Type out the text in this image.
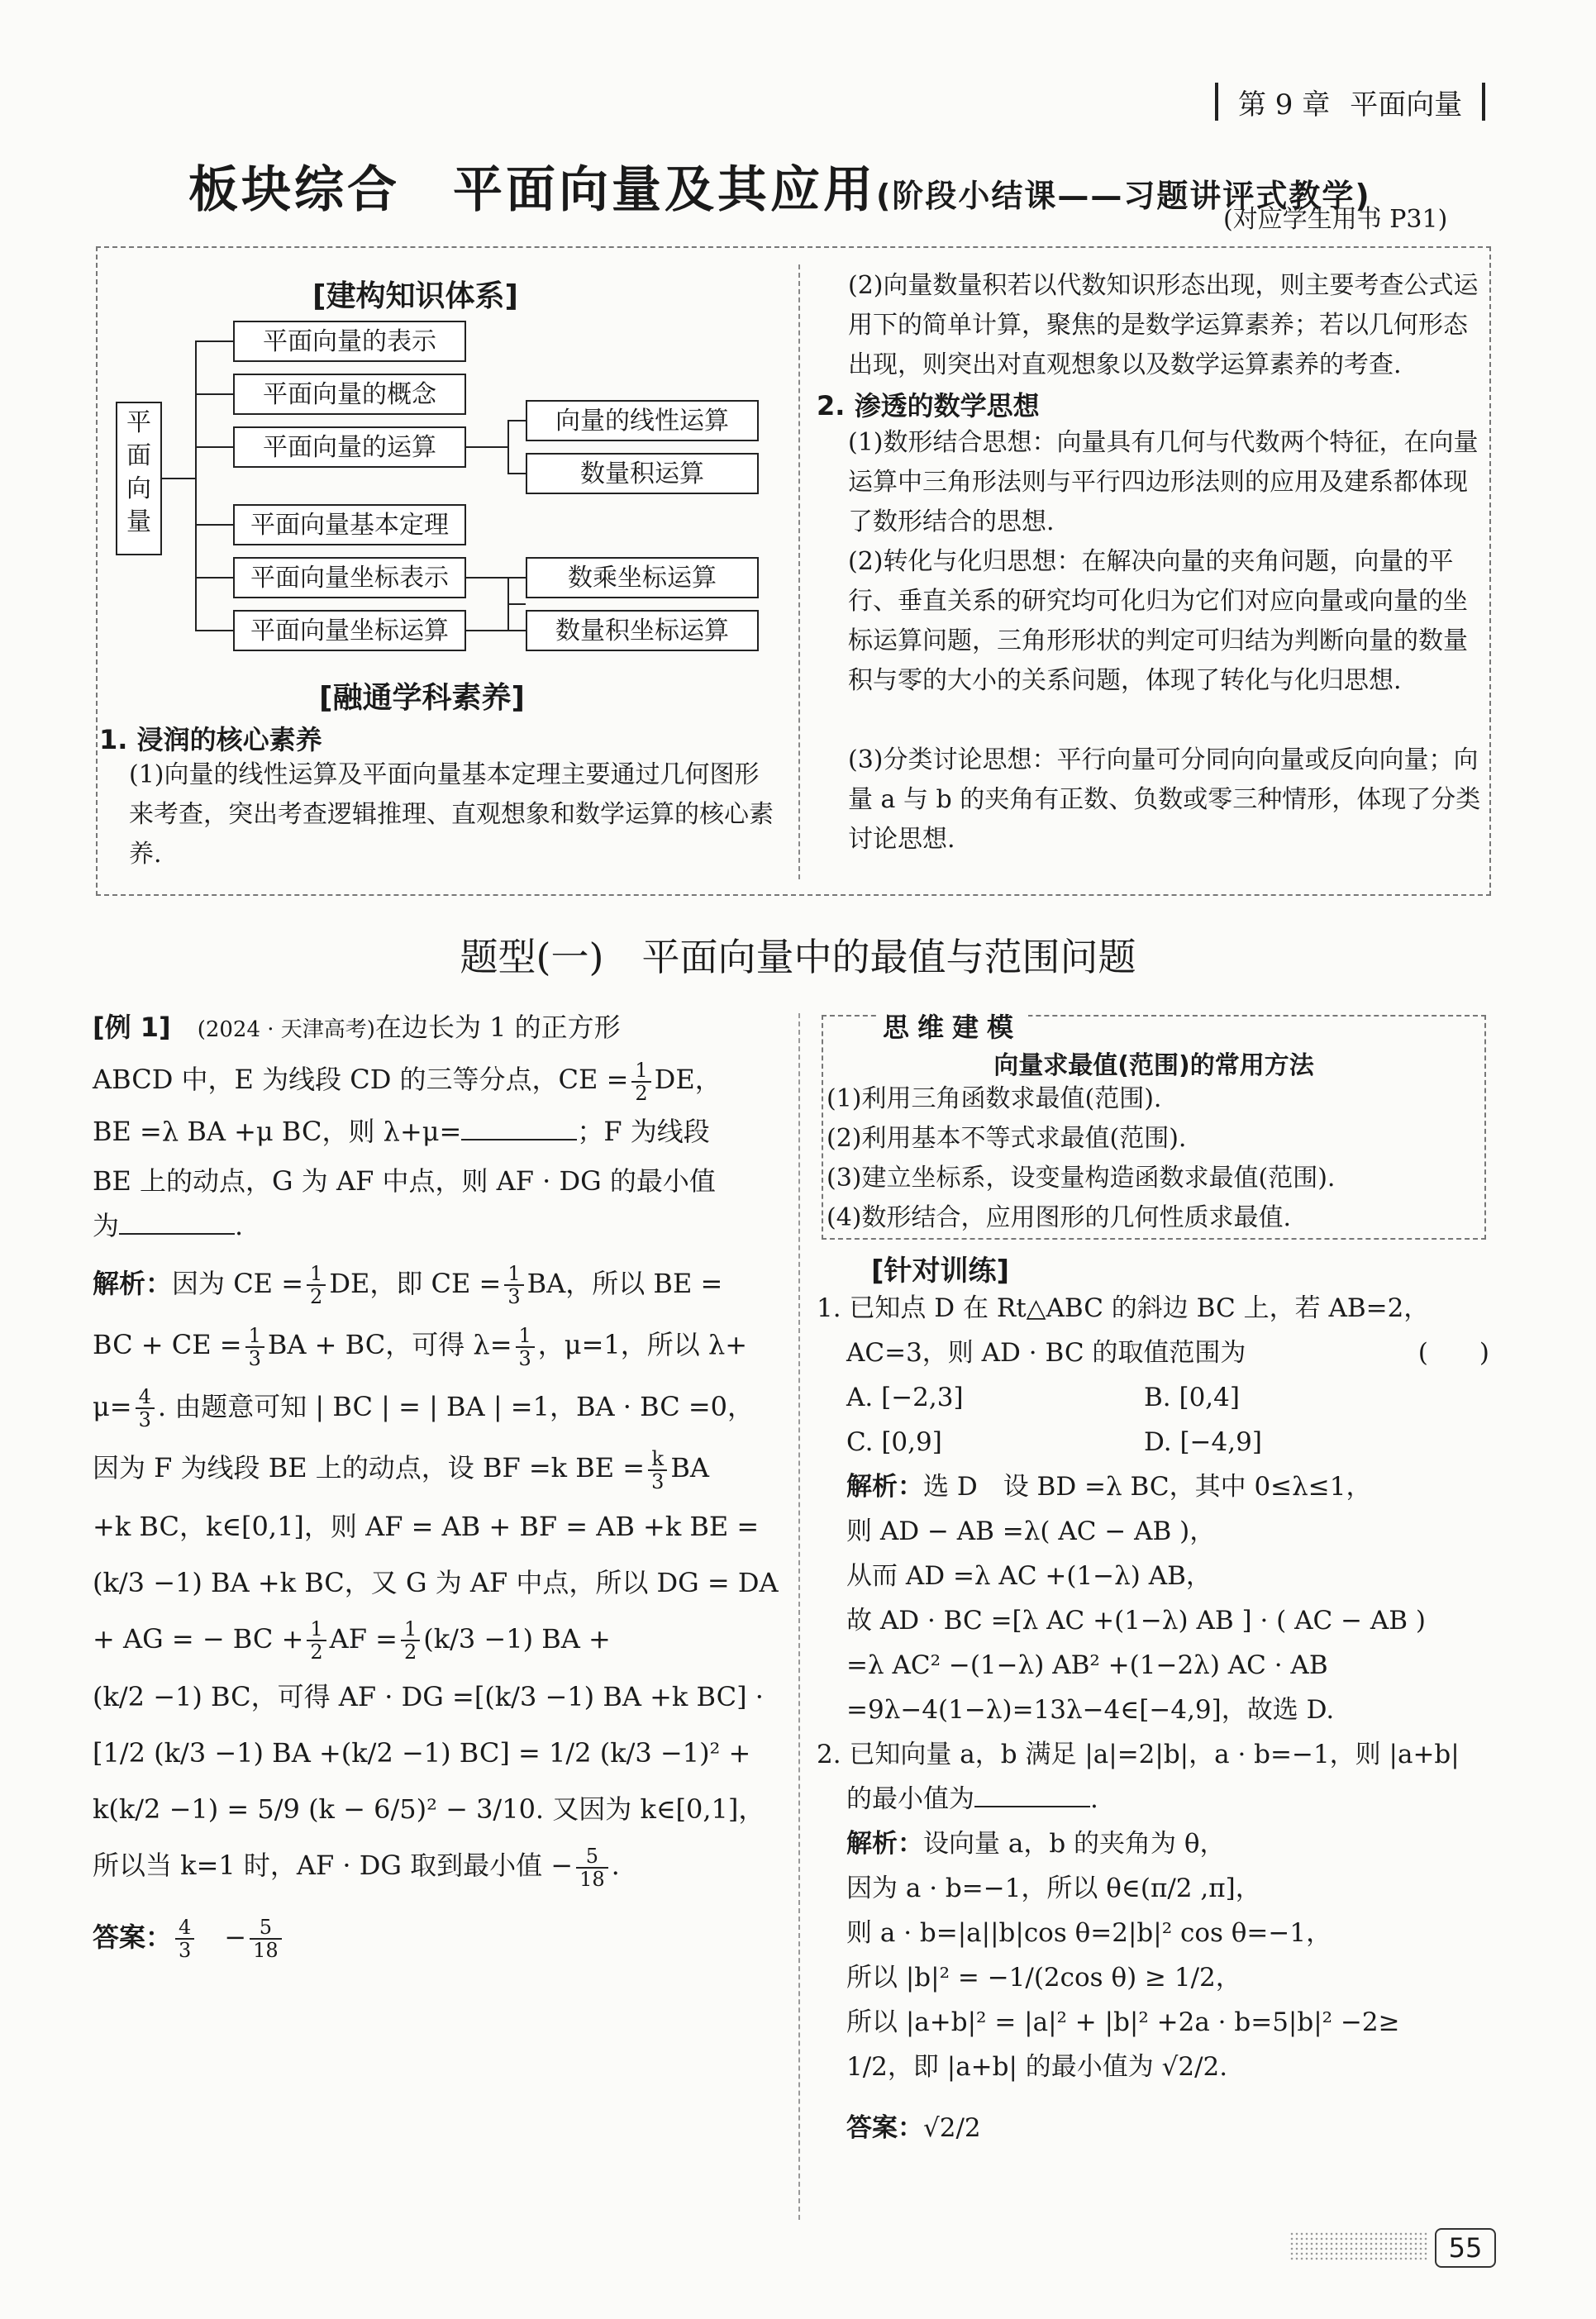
第 9 章 平面向量
板块综合　平面向量及其应用(阶段小结课——习题讲评式教学)
(对应学生用书 P31)
[建构知识体系]
平面向量
平面向量的表示
平面向量的概念
平面向量的运算
平面向量基本定理
平面向量坐标表示
平面向量坐标运算
向量的线性运算
数量积运算
数乘坐标运算
数量积坐标运算
[融通学科素养]
1. 浸润的核心素养
(1)向量的线性运算及平面向量基本定理主要通过几何图形来考查，突出考查逻辑推理、直观想象和数学运算的核心素养.
(2)向量数量积若以代数知识形态出现，则主要考查公式运用下的简单计算，聚焦的是数学运算素养；若以几何形态出现，则突出对直观想象以及数学运算素养的考查.
2. 渗透的数学思想
(1)数形结合思想：向量具有几何与代数两个特征，在向量运算中三角形法则与平行四边形法则的应用及建系都体现了数形结合的思想.
(2)转化与化归思想：在解决向量的夹角问题，向量的平行、垂直关系的研究均可化归为它们对应向量或向量的坐标运算问题，三角形形状的判定可归结为判断向量的数量积与零的大小的关系问题，体现了转化与化归思想.
(3)分类讨论思想：平行向量可分同向向量或反向向量；向量 a 与 b 的夹角有正数、负数或零三种情形，体现了分类讨论思想.
题型(一)　平面向量中的最值与范围问题
[例 1]　 (2024 · 天津高考)在边长为 1 的正方形
ABCD 中，E 为线段 CD 的三等分点，CE = $\frac{1}{2}$ DE，
BE =λ BA +μ BC，则 λ+μ=	；F 为线段
BE 上的动点，G 为 AF 中点，则 AF · DG 的最小值
为	.
解析：因为 CE = $\frac{1}{2}$ DE，即 CE = $\frac{1}{3}$ BA，所以 BE =
BC + CE = $\frac{1}{3}$ BA + BC，可得 $\lambda= \frac{1}{3}$ ，μ=1，所以 λ+
$\mu= \frac{4}{3}$ . 由题意可知 | BC | = | BA | =1，BA · BC =0，
因为 F 为线段 BE 上的动点，设 BF =k BE = $\frac{k}{3}$ BA
+k BC，k∈[0,1]，则 AF = AB + BF = AB +k BE =
(k/3 −1) BA +k BC，又 G 为 AF 中点，所以 DG = DA
+ AG = − BC + $\frac{1}{2}$ AF = $\frac{1}{2} (k/3 -1)$ BA +
(k/2 −1) BC，可得 AF · DG =[(k/3 −1) BA +k BC] ·
[1/2 (k/3 −1) BA +(k/2 −1) BC] = 1/2 (k/3 −1)² +
k(k/2 −1) = 5/9 (k − 6/5)² − 3/10. 又因为 k∈[0,1]，
所以当 k=1 时，AF · DG 取到最小值 − $\frac{5}{18}$ .
答案： $\frac{4}{3}$ 　− $\frac{5}{18}$
思维建模
向量求最值(范围)的常用方法
(1)利用三角函数求最值(范围).
(2)利用基本不等式求最值(范围).
(3)建立坐标系，设变量构造函数求最值(范围).
(4)数形结合，应用图形的几何性质求最值.
[针对训练]
1. 已知点 D 在 Rt△ABC 的斜边 BC 上，若 AB=2，
AC=3，则 AD · BC 的取值范围为	(　　)
A. [−2,3]	B. [0,4]
C. [0,9]	D. [−4,9]
解析：选 D　设 BD =λ BC，其中 0≤λ≤1，
则 AD − AB =λ( AC − AB )，
从而 AD =λ AC +(1−λ) AB，
故 AD · BC =[λ AC +(1−λ) AB ] · ( AC − AB )
=λ AC² −(1−λ) AB² +(1−2λ) AC · AB
=9λ−4(1−λ)=13λ−4∈[−4,9]，故选 D.
2. 已知向量 a，b 满足 |a|=2|b|，a · b=−1，则 |a+b|
的最小值为	.
解析：设向量 a，b 的夹角为 θ，
因为 a · b=−1，所以 θ∈(π/2 ,π]，
则 a · b=|a||b|cos θ=2|b|² cos θ=−1，
所以 |b|² = −1/(2cos θ) ≥ 1/2，
所以 |a+b|² = |a|² + |b|² +2a · b=5|b|² −2≥
1/2，即 |a+b| 的最小值为 √2/2.
答案：√2/2
55
